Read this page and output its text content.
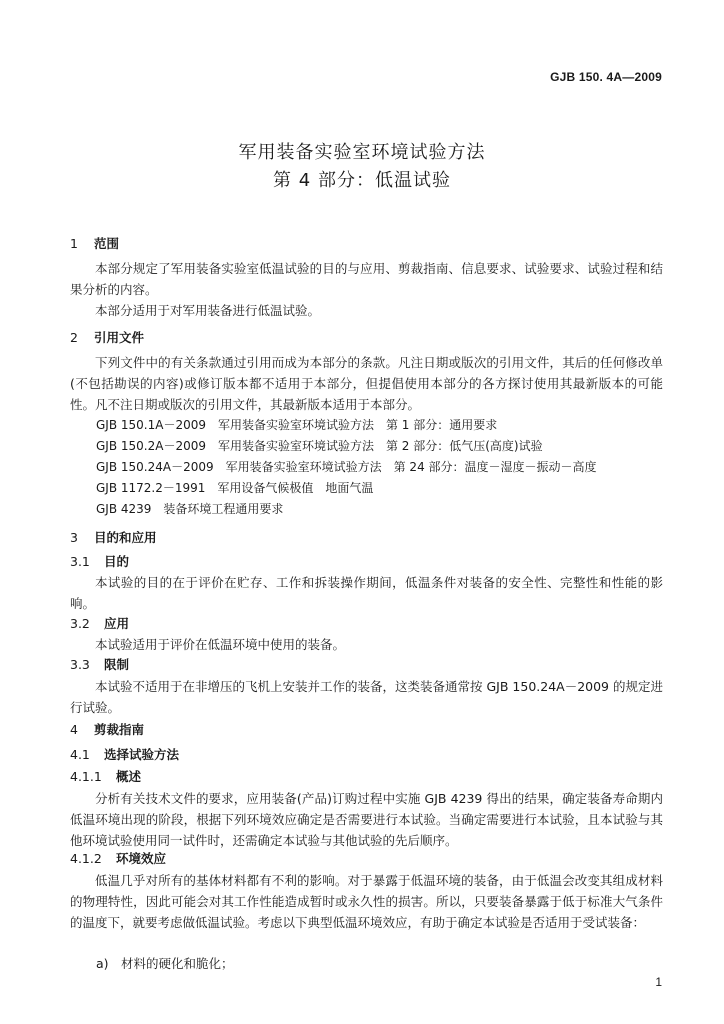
GJB 150. 4A—2009
军用装备实验室环境试验方法
第 4 部分：低温试验
1 范围
本部分规定了军用装备实验室低温试验的目的与应用、剪裁指南、信息要求、试验要求、试验过程和结果分析的内容。
本部分适用于对军用装备进行低温试验。
2 引用文件
下列文件中的有关条款通过引用而成为本部分的条款。凡注日期或版次的引用文件，其后的任何修改单(不包括勘误的内容)或修订版本都不适用于本部分，但提倡使用本部分的各方探讨使用其最新版本的可能性。凡不注日期或版次的引用文件，其最新版本适用于本部分。
GJB 150.1A－2009　军用装备实验室环境试验方法　第 1 部分：通用要求
GJB 150.2A－2009　军用装备实验室环境试验方法　第 2 部分：低气压(高度)试验
GJB 150.24A－2009　军用装备实验室环境试验方法　第 24 部分：温度－湿度－振动－高度
GJB 1172.2－1991　军用设备气候极值　地面气温
GJB 4239　装备环境工程通用要求
3 目的和应用
3.1 目的
本试验的目的在于评价在贮存、工作和拆装操作期间，低温条件对装备的安全性、完整性和性能的影响。
3.2 应用
本试验适用于评价在低温环境中使用的装备。
3.3 限制
本试验不适用于在非增压的飞机上安装并工作的装备，这类装备通常按 GJB 150.24A－2009 的规定进行试验。
4 剪裁指南
4.1 选择试验方法
4.1.1 概述
分析有关技术文件的要求，应用装备(产品)订购过程中实施 GJB 4239 得出的结果，确定装备寿命期内低温环境出现的阶段，根据下列环境效应确定是否需要进行本试验。当确定需要进行本试验，且本试验与其他环境试验使用同一试件时，还需确定本试验与其他试验的先后顺序。
4.1.2 环境效应
低温几乎对所有的基体材料都有不利的影响。对于暴露于低温环境的装备，由于低温会改变其组成材料的物理特性，因此可能会对其工作性能造成暂时或永久性的损害。所以，只要装备暴露于低于标准大气条件的温度下，就要考虑做低温试验。考虑以下典型低温环境效应，有助于确定本试验是否适用于受试装备：
a)　材料的硬化和脆化；
1
